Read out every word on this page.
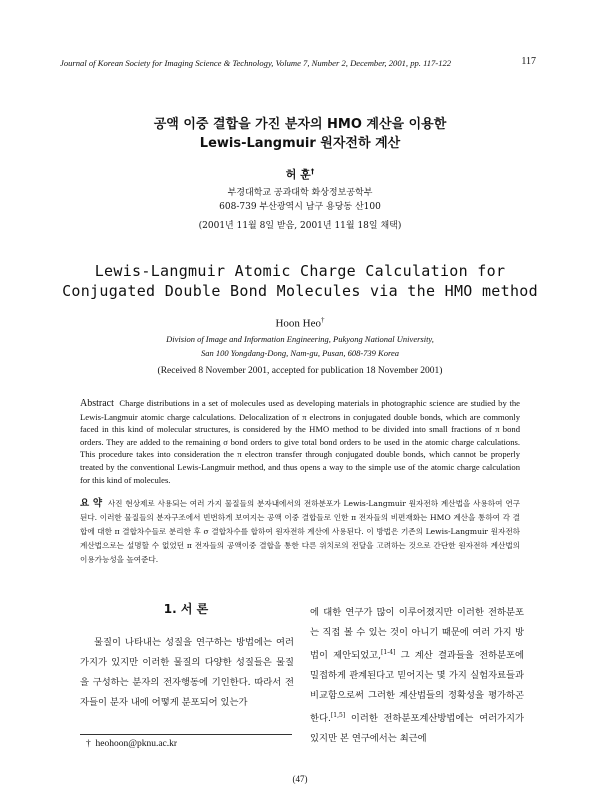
Journal of Korean Society for Imaging Science & Technology, Volume 7, Number 2, December, 2001, pp. 117-122	117
공액 이중 결합을 가진 분자의 HMO 계산을 이용한
Lewis-Langmuir 원자전하 계산
허 훈†
부경대학교 공과대학 화상정보공학부
608-739 부산광역시 남구 용당동 산100
(2001년 11월 8일 받음, 2001년 11월 18일 채택)
Lewis-Langmuir Atomic Charge Calculation for
Conjugated Double Bond Molecules via the HMO method
Hoon Heo†
Division of Image and Information Engineering, Pukyong National University,
San 100 Yongdang-Dong, Nam-gu, Pusan, 608-739 Korea
(Received 8 November 2001, accepted for publication 18 November 2001)
Abstract Charge distributions in a set of molecules used as developing materials in photographic science are studied by the Lewis-Langmuir atomic charge calculations. Delocalization of π electrons in conjugated double bonds, which are commonly faced in this kind of molecular structures, is considered by the HMO method to be divided into small fractions of π bond orders. They are added to the remaining σ bond orders to give total bond orders to be used in the atomic charge calculations. This procedure takes into consideration the π electron transfer through conjugated double bonds, which cannot be properly treated by the conventional Lewis-Langmuir method, and thus opens a way to the simple use of the atomic charge calculation for this kind of molecules.
요 약 사진 현상제로 사용되는 여러 가지 물질들의 분자내에서의 전하분포가 Lewis-Langmuir 원자전하 계산법을 사용하여 연구된다. 이러한 물질들의 분자구조에서 빈번하게 보여지는 공액 이중 결합들로 인한 π 전자들의 비편재화는 HMO 계산을 통하여 각 결합에 대한 π 결합차수들로 분리한 후 σ 결합차수를 합하여 원자전하 계산에 사용된다. 이 방법은 기존의 Lewis-Langmuir 원자전하 계산법으로는 설명할 수 없었던 π 전자들의 공액이중 결합을 통한 다른 위치로의 전달을 고려하는 것으로 간단한 원자전하 계산법의 이용가능성을 높여준다.
1. 서 론
물질이 나타내는 성질을 연구하는 방법에는 여러 가지가 있지만 이러한 물질의 다양한 성질들은 물질을 구성하는 분자의 전자행동에 기인한다. 따라서 전자들이 분자 내에 어떻게 분포되어 있는가
에 대한 연구가 많이 이루어졌지만 이러한 전하분포는 직접 볼 수 있는 것이 아니기 때문에 여러 가지 방법이 제안되었고,[1-4] 그 계산 결과들을 전하분포에 밀접하게 관계된다고 믿어지는 몇 가지 실험자료들과 비교함으로써 그러한 계산법들의 정확성을 평가하곤 한다.[1,5] 이러한 전하분포계산방법에는 여러가지가 있지만 본 연구에서는 최근에
† heohoon@pknu.ac.kr
(47)
